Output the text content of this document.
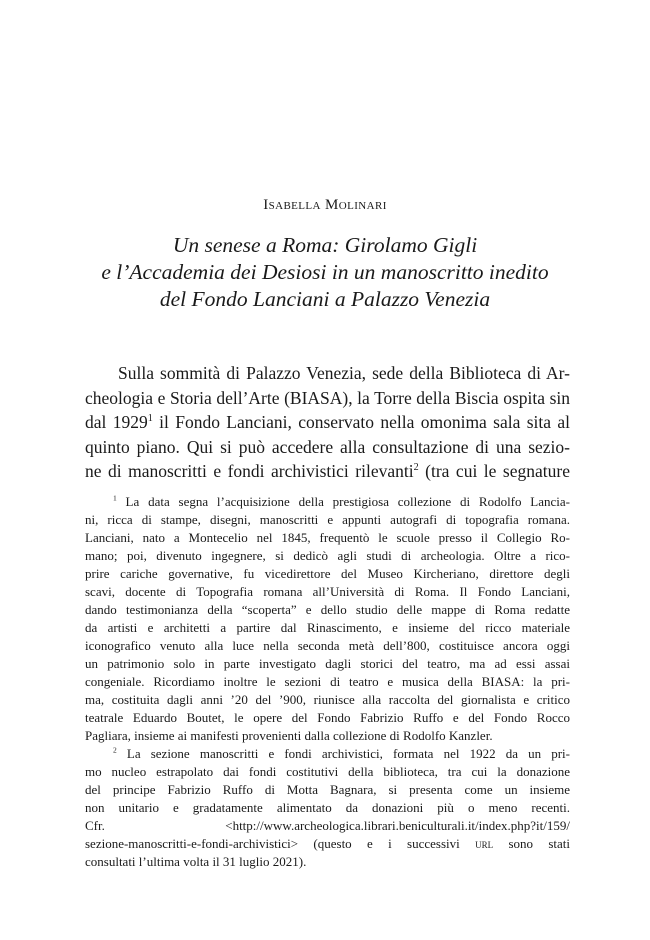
Isabella Molinari
Un senese a Roma: Girolamo Gigli
e l’Accademia dei Desiosi in un manoscritto inedito
del Fondo Lanciani a Palazzo Venezia
Sulla sommità di Palazzo Venezia, sede della Biblioteca di Ar-
cheologia e Storia dell’Arte (BIASA), la Torre della Biscia ospita sin
dal 1929$^1$ il Fondo Lanciani, conservato nella omonima sala sita al
quinto piano. Qui si può accedere alla consultazione di una sezio-
ne di manoscritti e fondi archivistici rilevanti$^2$ (tra cui le segnature
$^1$ La data segna l’acquisizione della prestigiosa collezione di Rodolfo Lancia-
ni, ricca di stampe, disegni, manoscritti e appunti autografi di topografia romana.
Lanciani, nato a Montecelio nel 1845, frequentò le scuole presso il Collegio Ro-
mano; poi, divenuto ingegnere, si dedicò agli studi di archeologia. Oltre a rico-
prire cariche governative, fu vicedirettore del Museo Kircheriano, direttore degli
scavi, docente di Topografia romana all’Università di Roma. Il Fondo Lanciani,
dando testimonianza della “scoperta” e dello studio delle mappe di Roma redatte
da artisti e architetti a partire dal Rinascimento, e insieme del ricco materiale
iconografico venuto alla luce nella seconda metà dell’800, costituisce ancora oggi
un patrimonio solo in parte investigato dagli storici del teatro, ma ad essi assai
congeniale. Ricordiamo inoltre le sezioni di teatro e musica della BIASA: la pri-
ma, costituita dagli anni ’20 del ’900, riunisce alla raccolta del giornalista e critico
teatrale Eduardo Boutet, le opere del Fondo Fabrizio Ruffo e del Fondo Rocco
Pagliara, insieme ai manifesti provenienti dalla collezione di Rodolfo Kanzler.
$^2$ La sezione manoscritti e fondi archivistici, formata nel 1922 da un pri-
mo nucleo estrapolato dai fondi costitutivi della biblioteca, tra cui la donazione
del principe Fabrizio Ruffo di Motta Bagnara, si presenta come un insieme
non unitario e gradatamente alimentato da donazioni più o meno recenti.
Cfr. <http://www.archeologica.librari.beniculturali.it/index.php?it/159/
sezione-manoscritti-e-fondi-archivistici> (questo e i successivi url sono stati
consultati l’ultima volta il 31 luglio 2021).
